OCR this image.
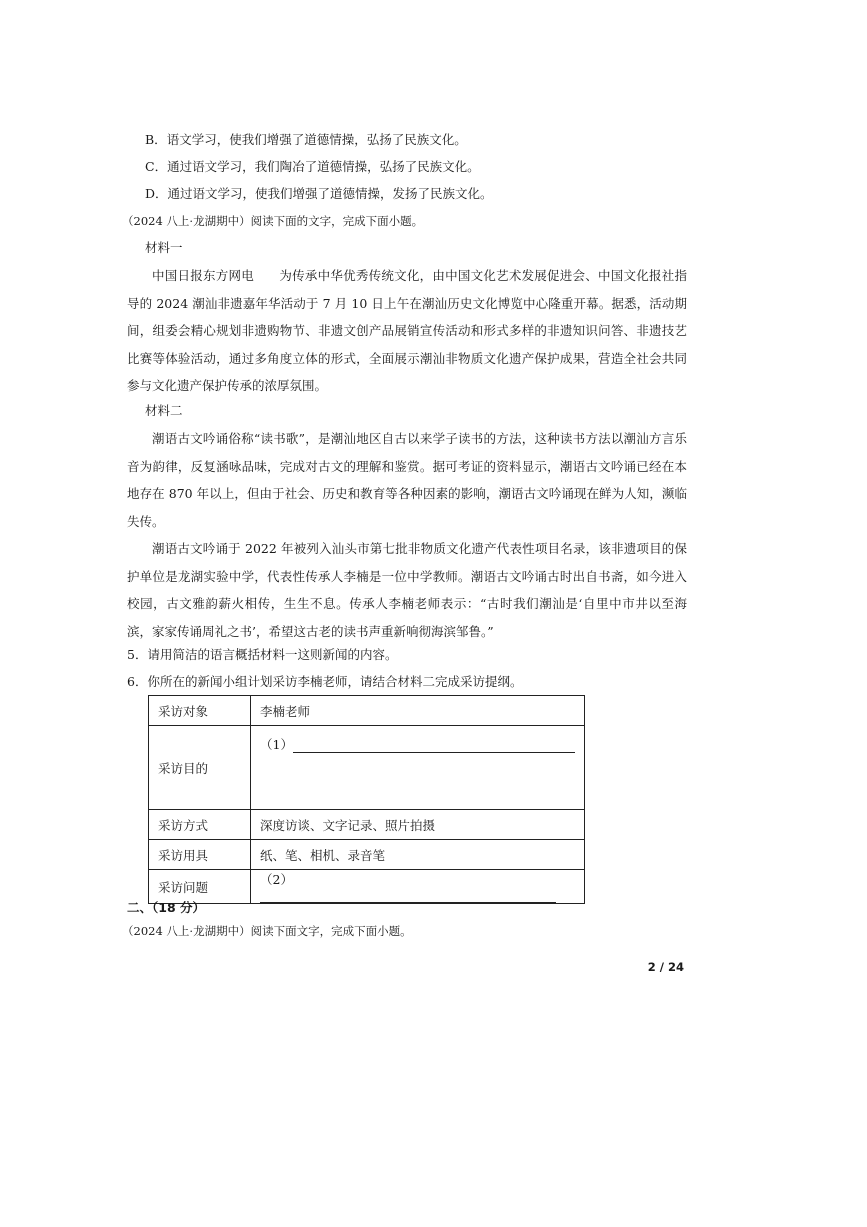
B．语文学习，使我们增强了道德情操，弘扬了民族文化。
C．通过语文学习，我们陶冶了道德情操，弘扬了民族文化。
D．通过语文学习，使我们增强了道德情操，发扬了民族文化。
（2024 八上·龙湖期中）阅读下面的文字，完成下面小题。
材料一
中国日报东方网电　　为传承中华优秀传统文化，由中国文化艺术发展促进会、中国文化报社指导的 2024 潮汕非遗嘉年华活动于 7 月 10 日上午在潮汕历史文化博览中心隆重开幕。据悉，活动期间，组委会精心规划非遗购物节、非遗文创产品展销宣传活动和形式多样的非遗知识问答、非遗技艺比赛等体验活动，通过多角度立体的形式，全面展示潮汕非物质文化遗产保护成果，营造全社会共同参与文化遗产保护传承的浓厚氛围。
材料二
潮语古文吟诵俗称“读书歌”，是潮汕地区自古以来学子读书的方法，这种读书方法以潮汕方言乐音为韵律，反复涵咏品味，完成对古文的理解和鉴赏。据可考证的资料显示，潮语古文吟诵已经在本地存在 870 年以上，但由于社会、历史和教育等各种因素的影响，潮语古文吟诵现在鲜为人知，濒临失传。
潮语古文吟诵于 2022 年被列入汕头市第七批非物质文化遗产代表性项目名录，该非遗项目的保护单位是龙湖实验中学，代表性传承人李楠是一位中学教师。潮语古文吟诵古时出自书斋，如今进入校园，古文雅韵薪火相传，生生不息。传承人李楠老师表示：“古时我们潮汕是‘自里中市井以至海滨，家家传诵周礼之书’，希望这古老的读书声重新响彻海滨邹鲁。”
5．请用简洁的语言概括材料一这则新闻的内容。
6．你所在的新闻小组计划采访李楠老师，请结合材料二完成采访提纲。
采访对象	李楠老师
采访目的	（1）
采访方式	深度访谈、文字记录、照片拍摄
采访用具	纸、笔、相机、录音笔
采访问题	（2）
二、（18 分）
（2024 八上·龙湖期中）阅读下面文字，完成下面小题。
2 / 24
